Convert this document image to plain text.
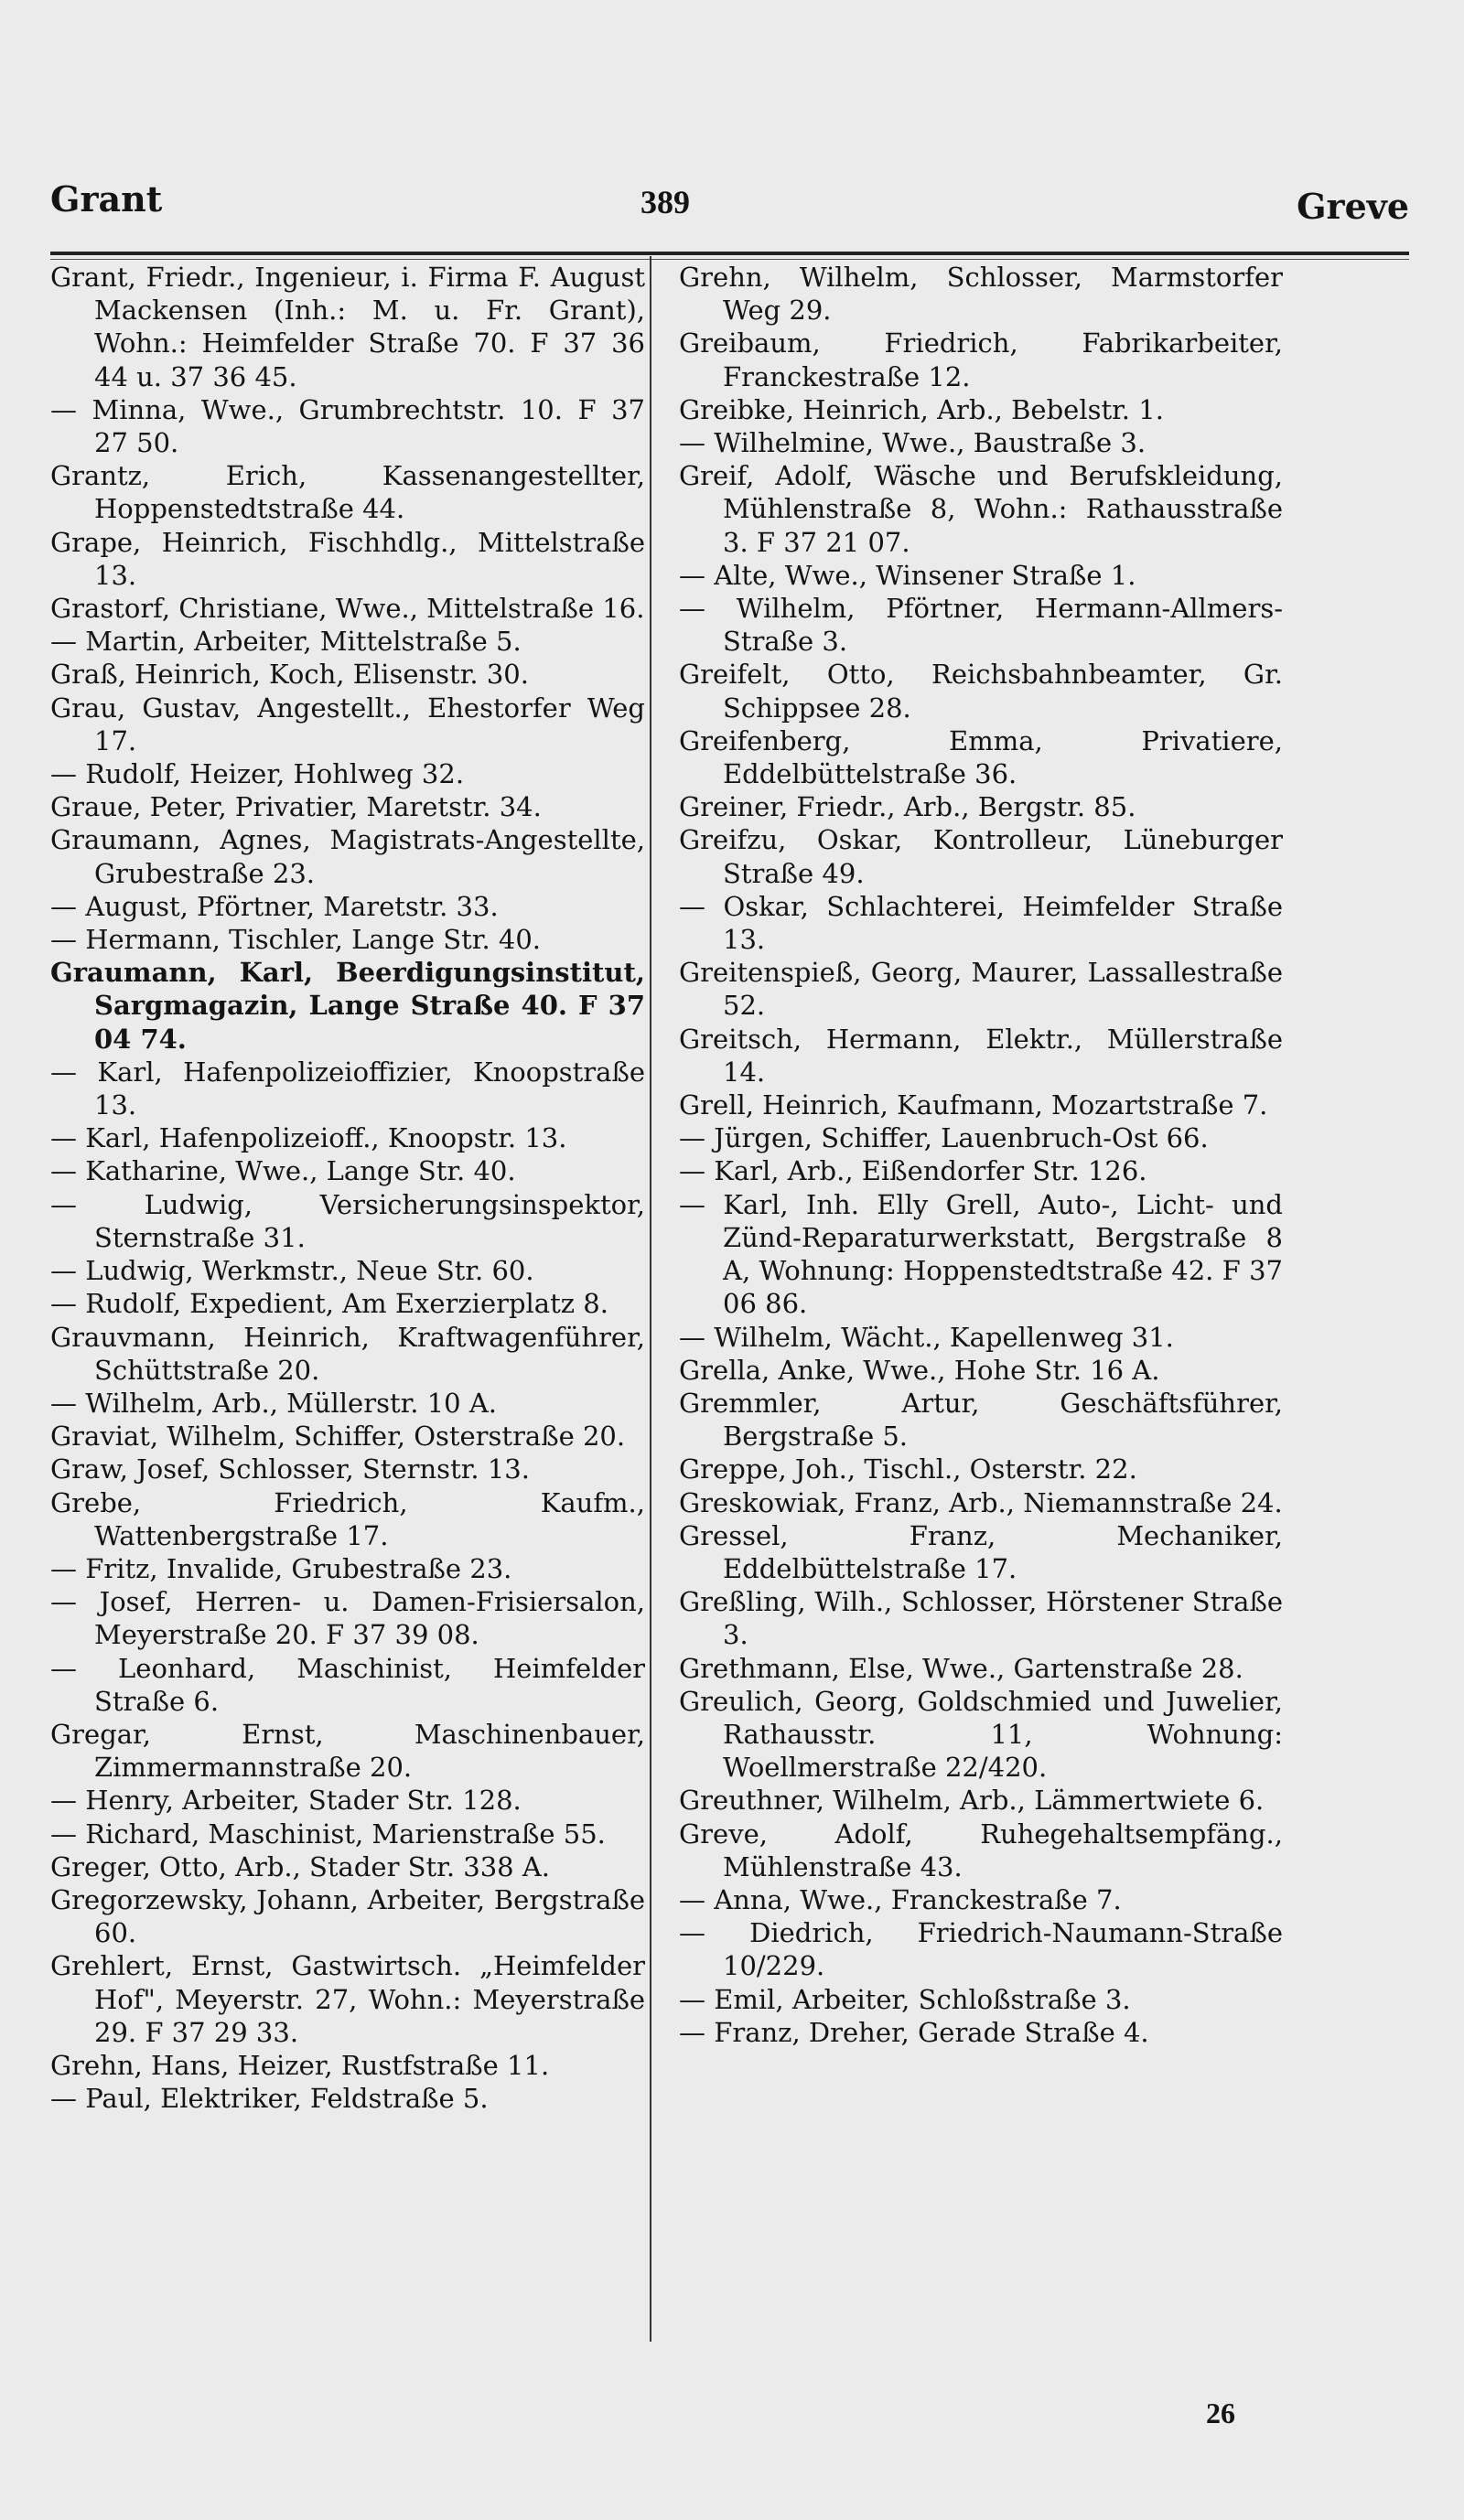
Grant	389	Greve
Grant, Friedr., Ingenieur, i. Firma F. August Mackensen (Inh.: M. u. Fr. Grant), Wohn.: Heimfelder Straße 70. F 37 36 44 u. 37 36 45.
— Minna, Wwe., Grumbrechtstr. 10. F 37 27 50.
Grantz, Erich, Kassenangestellter, Hoppenstedtstraße 44.
Grape, Heinrich, Fischhdlg., Mittelstraße 13.
Grastorf, Christiane, Wwe., Mittelstraße 16.
— Martin, Arbeiter, Mittelstraße 5.
Graß, Heinrich, Koch, Elisenstr. 30.
Grau, Gustav, Angestellt., Ehestorfer Weg 17.
— Rudolf, Heizer, Hohlweg 32.
Graue, Peter, Privatier, Maretstr. 34.
Graumann, Agnes, Magistrats-Angestellte, Grubestraße 23.
— August, Pförtner, Maretstr. 33.
— Hermann, Tischler, Lange Str. 40.
Graumann, Karl, Beerdigungsinstitut, Sargmagazin, Lange Straße 40. F 37 04 74.
— Karl, Hafenpolizeioffizier, Knoopstraße 13.
— Karl, Hafenpolizeioff., Knoopstr. 13.
— Katharine, Wwe., Lange Str. 40.
— Ludwig, Versicherungsinspektor, Sternstraße 31.
— Ludwig, Werkmstr., Neue Str. 60.
— Rudolf, Expedient, Am Exerzierplatz 8.
Grauvmann, Heinrich, Kraftwagenführer, Schüttstraße 20.
— Wilhelm, Arb., Müllerstr. 10 A.
Graviat, Wilhelm, Schiffer, Osterstraße 20.
Graw, Josef, Schlosser, Sternstr. 13.
Grebe, Friedrich, Kaufm., Wattenbergstraße 17.
— Fritz, Invalide, Grubestraße 23.
— Josef, Herren- u. Damen-Frisiersalon, Meyerstraße 20. F 37 39 08.
— Leonhard, Maschinist, Heimfelder Straße 6.
Gregar, Ernst, Maschinenbauer, Zimmermannstraße 20.
— Henry, Arbeiter, Stader Str. 128.
— Richard, Maschinist, Marienstraße 55.
Greger, Otto, Arb., Stader Str. 338 A.
Gregorzewsky, Johann, Arbeiter, Bergstraße 60.
Grehlert, Ernst, Gastwirtsch. „Heimfelder Hof", Meyerstr. 27, Wohn.: Meyerstraße 29. F 37 29 33.
Grehn, Hans, Heizer, Rustfstraße 11.
— Paul, Elektriker, Feldstraße 5.
Grehn, Wilhelm, Schlosser, Marmstorfer Weg 29.
Greibaum, Friedrich, Fabrikarbeiter, Franckestraße 12.
Greibke, Heinrich, Arb., Bebelstr. 1.
— Wilhelmine, Wwe., Baustraße 3.
Greif, Adolf, Wäsche und Berufskleidung, Mühlenstraße 8, Wohn.: Rathausstraße 3. F 37 21 07.
— Alte, Wwe., Winsener Straße 1.
— Wilhelm, Pförtner, Hermann-Allmers-Straße 3.
Greifelt, Otto, Reichsbahnbeamter, Gr. Schippsee 28.
Greifenberg, Emma, Privatiere, Eddelbüttelstraße 36.
Greiner, Friedr., Arb., Bergstr. 85.
Greifzu, Oskar, Kontrolleur, Lüneburger Straße 49.
— Oskar, Schlachterei, Heimfelder Straße 13.
Greitenspieß, Georg, Maurer, Lassallestraße 52.
Greitsch, Hermann, Elektr., Müllerstraße 14.
Grell, Heinrich, Kaufmann, Mozartstraße 7.
— Jürgen, Schiffer, Lauenbruch-Ost 66.
— Karl, Arb., Eißendorfer Str. 126.
— Karl, Inh. Elly Grell, Auto-, Licht- und Zünd-Reparaturwerkstatt, Bergstraße 8 A, Wohnung: Hoppenstedtstraße 42. F 37 06 86.
— Wilhelm, Wächt., Kapellenweg 31.
Grella, Anke, Wwe., Hohe Str. 16 A.
Gremmler, Artur, Geschäftsführer, Bergstraße 5.
Greppe, Joh., Tischl., Osterstr. 22.
Greskowiak, Franz, Arb., Niemannstraße 24.
Gressel, Franz, Mechaniker, Eddelbüttelstraße 17.
Greßling, Wilh., Schlosser, Hörstener Straße 3.
Grethmann, Else, Wwe., Gartenstraße 28.
Greulich, Georg, Goldschmied und Juwelier, Rathausstr. 11, Wohnung: Woellmerstraße 22/420.
Greuthner, Wilhelm, Arb., Lämmertwiete 6.
Greve, Adolf, Ruhegehaltsempfäng., Mühlenstraße 43.
— Anna, Wwe., Franckestraße 7.
— Diedrich, Friedrich-Naumann-Straße 10/229.
— Emil, Arbeiter, Schloßstraße 3.
— Franz, Dreher, Gerade Straße 4.
26
